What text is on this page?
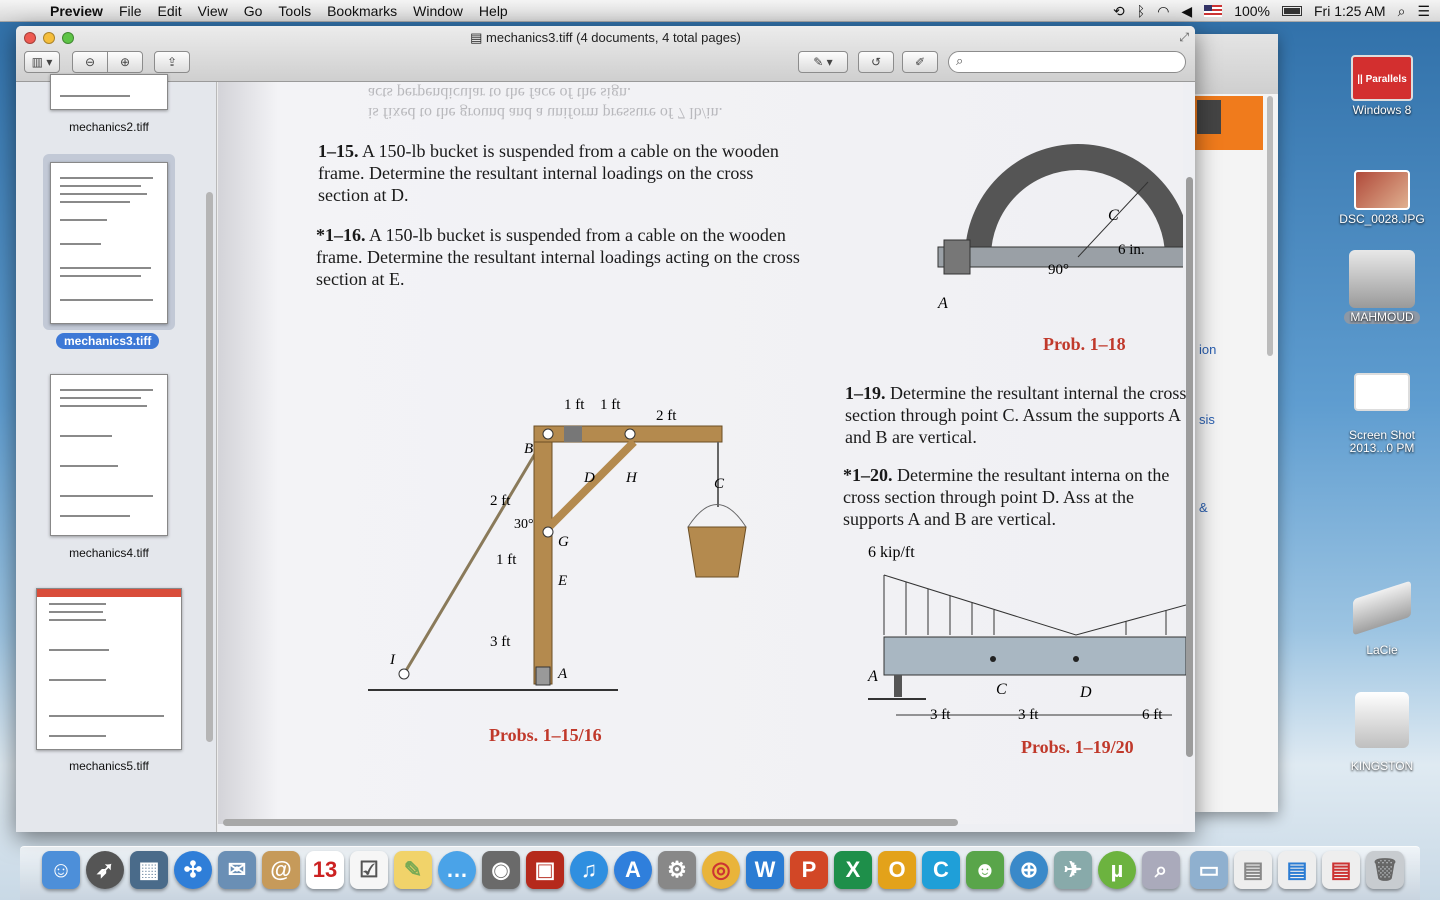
Preview	File	Edit	View	Go	Tools	Bookmarks	Window	Help	⟲ ᛒ ◠ ◀	100%	Fri 1:25 AM ⌕ ☰
ion
sis
&
▤ mechanics3.tiff (4 documents, 4 total pages)	⤢
▥ ▾	⊖ ⊕	⇪	✎ ▾	↺	✐
⌕
mechanics2.tiff
mechanics3.tiff
mechanics4.tiff
mechanics5.tiff
is fixed to the ground and a uniform pressure of 7 lb/in.
acts perpendicular to the face of the sign.
1–15. A 150-lb bucket is suspended from a cable on the wooden frame. Determine the resultant internal loadings on the cross section at D.
*1–16. A 150-lb bucket is suspended from a cable on the wooden frame. Determine the resultant internal loadings acting on the cross section at E.
1 ft 1 ft
2 ft
2 ft
30°
1 ft
3 ft
B
D H	C
G
E
A
I
Probs. 1–15/16
C
6 in.
90°
A
Prob. 1–18
1–19. Determine the resultant internal the cross section through point C. Assum the supports A and B are vertical.
*1–20. Determine the resultant interna on the cross section through point D. Ass at the supports A and B are vertical.
6 kip/ft
A
C	D
3 ft	3 ft	6 ft
Probs. 1–19/20
|| Parallels
Windows 8
DSC_0028.JPG
MAHMOUD
Screen Shot 2013...0 PM
LaCie
KINGSTON
☺	➶	▦	✣	✉	@ 13 ☑	✎	…	◉	▣	♫	A	⚙	◎	W	P	X	O	C	☻	⊕	✈	µ	⌕	▭	▤	▤	▤ 🗑
